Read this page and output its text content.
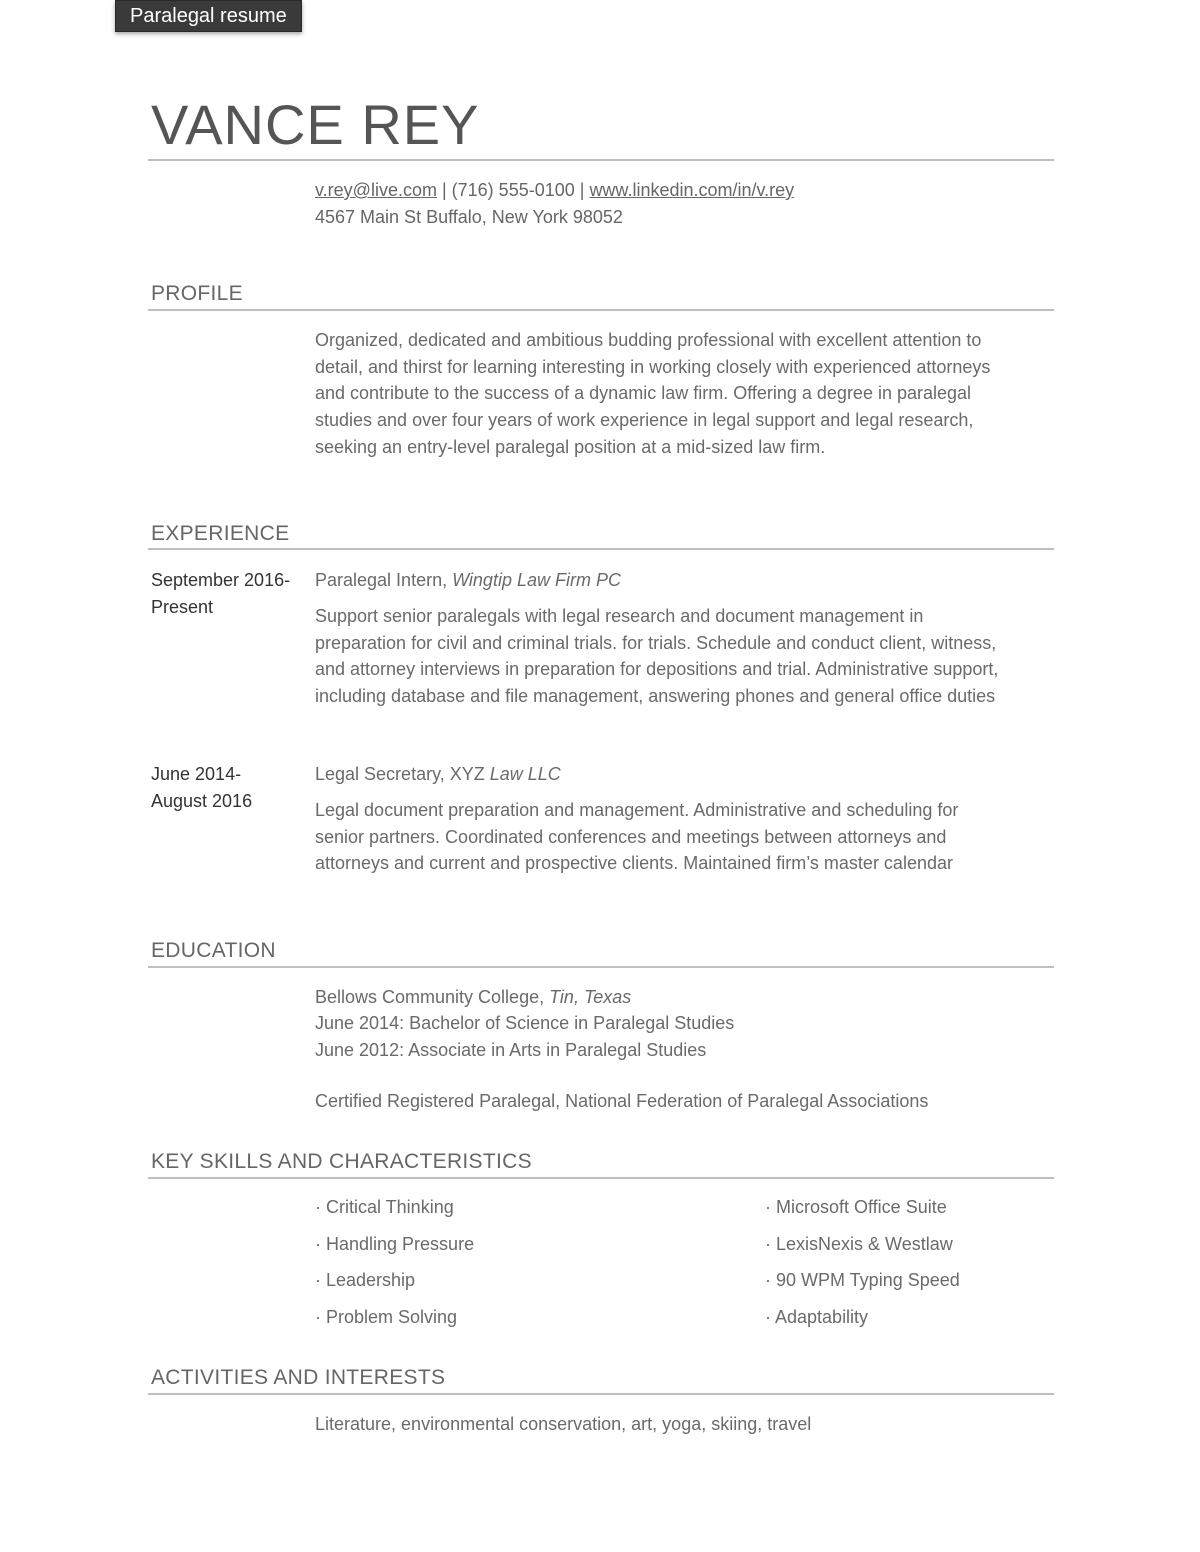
Paralegal resume
VANCE REY
v.rey@live.com | (716) 555-0100 | www.linkedin.com/in/v.rey
4567 Main St Buffalo, New York 98052
PROFILE
Organized, dedicated and ambitious budding professional with excellent attention to detail, and thirst for learning interesting in working closely with experienced attorneys and contribute to the success of a dynamic law firm. Offering a degree in paralegal studies and over four years of work experience in legal support and legal research, seeking an entry-level paralegal position at a mid-sized law firm.
EXPERIENCE
September 2016-Present
Paralegal Intern, Wingtip Law Firm PC
Support senior paralegals with legal research and document management in preparation for civil and criminal trials. for trials. Schedule and conduct client, witness, and attorney interviews in preparation for depositions and trial. Administrative support, including database and file management, answering phones and general office duties
June 2014-August 2016
Legal Secretary, XYZ Law LLC
Legal document preparation and management. Administrative and scheduling for senior partners. Coordinated conferences and meetings between attorneys and attorneys and current and prospective clients. Maintained firm’s master calendar
EDUCATION
Bellows Community College, Tin, Texas
June 2014: Bachelor of Science in Paralegal Studies
June 2012: Associate in Arts in Paralegal Studies
Certified Registered Paralegal, National Federation of Paralegal Associations
KEY SKILLS AND CHARACTERISTICS
· Critical Thinking
· Handling Pressure
· Leadership
· Problem Solving
· Microsoft Office Suite
· LexisNexis & Westlaw
· 90 WPM Typing Speed
· Adaptability
ACTIVITIES AND INTERESTS
Literature, environmental conservation, art, yoga, skiing, travel
